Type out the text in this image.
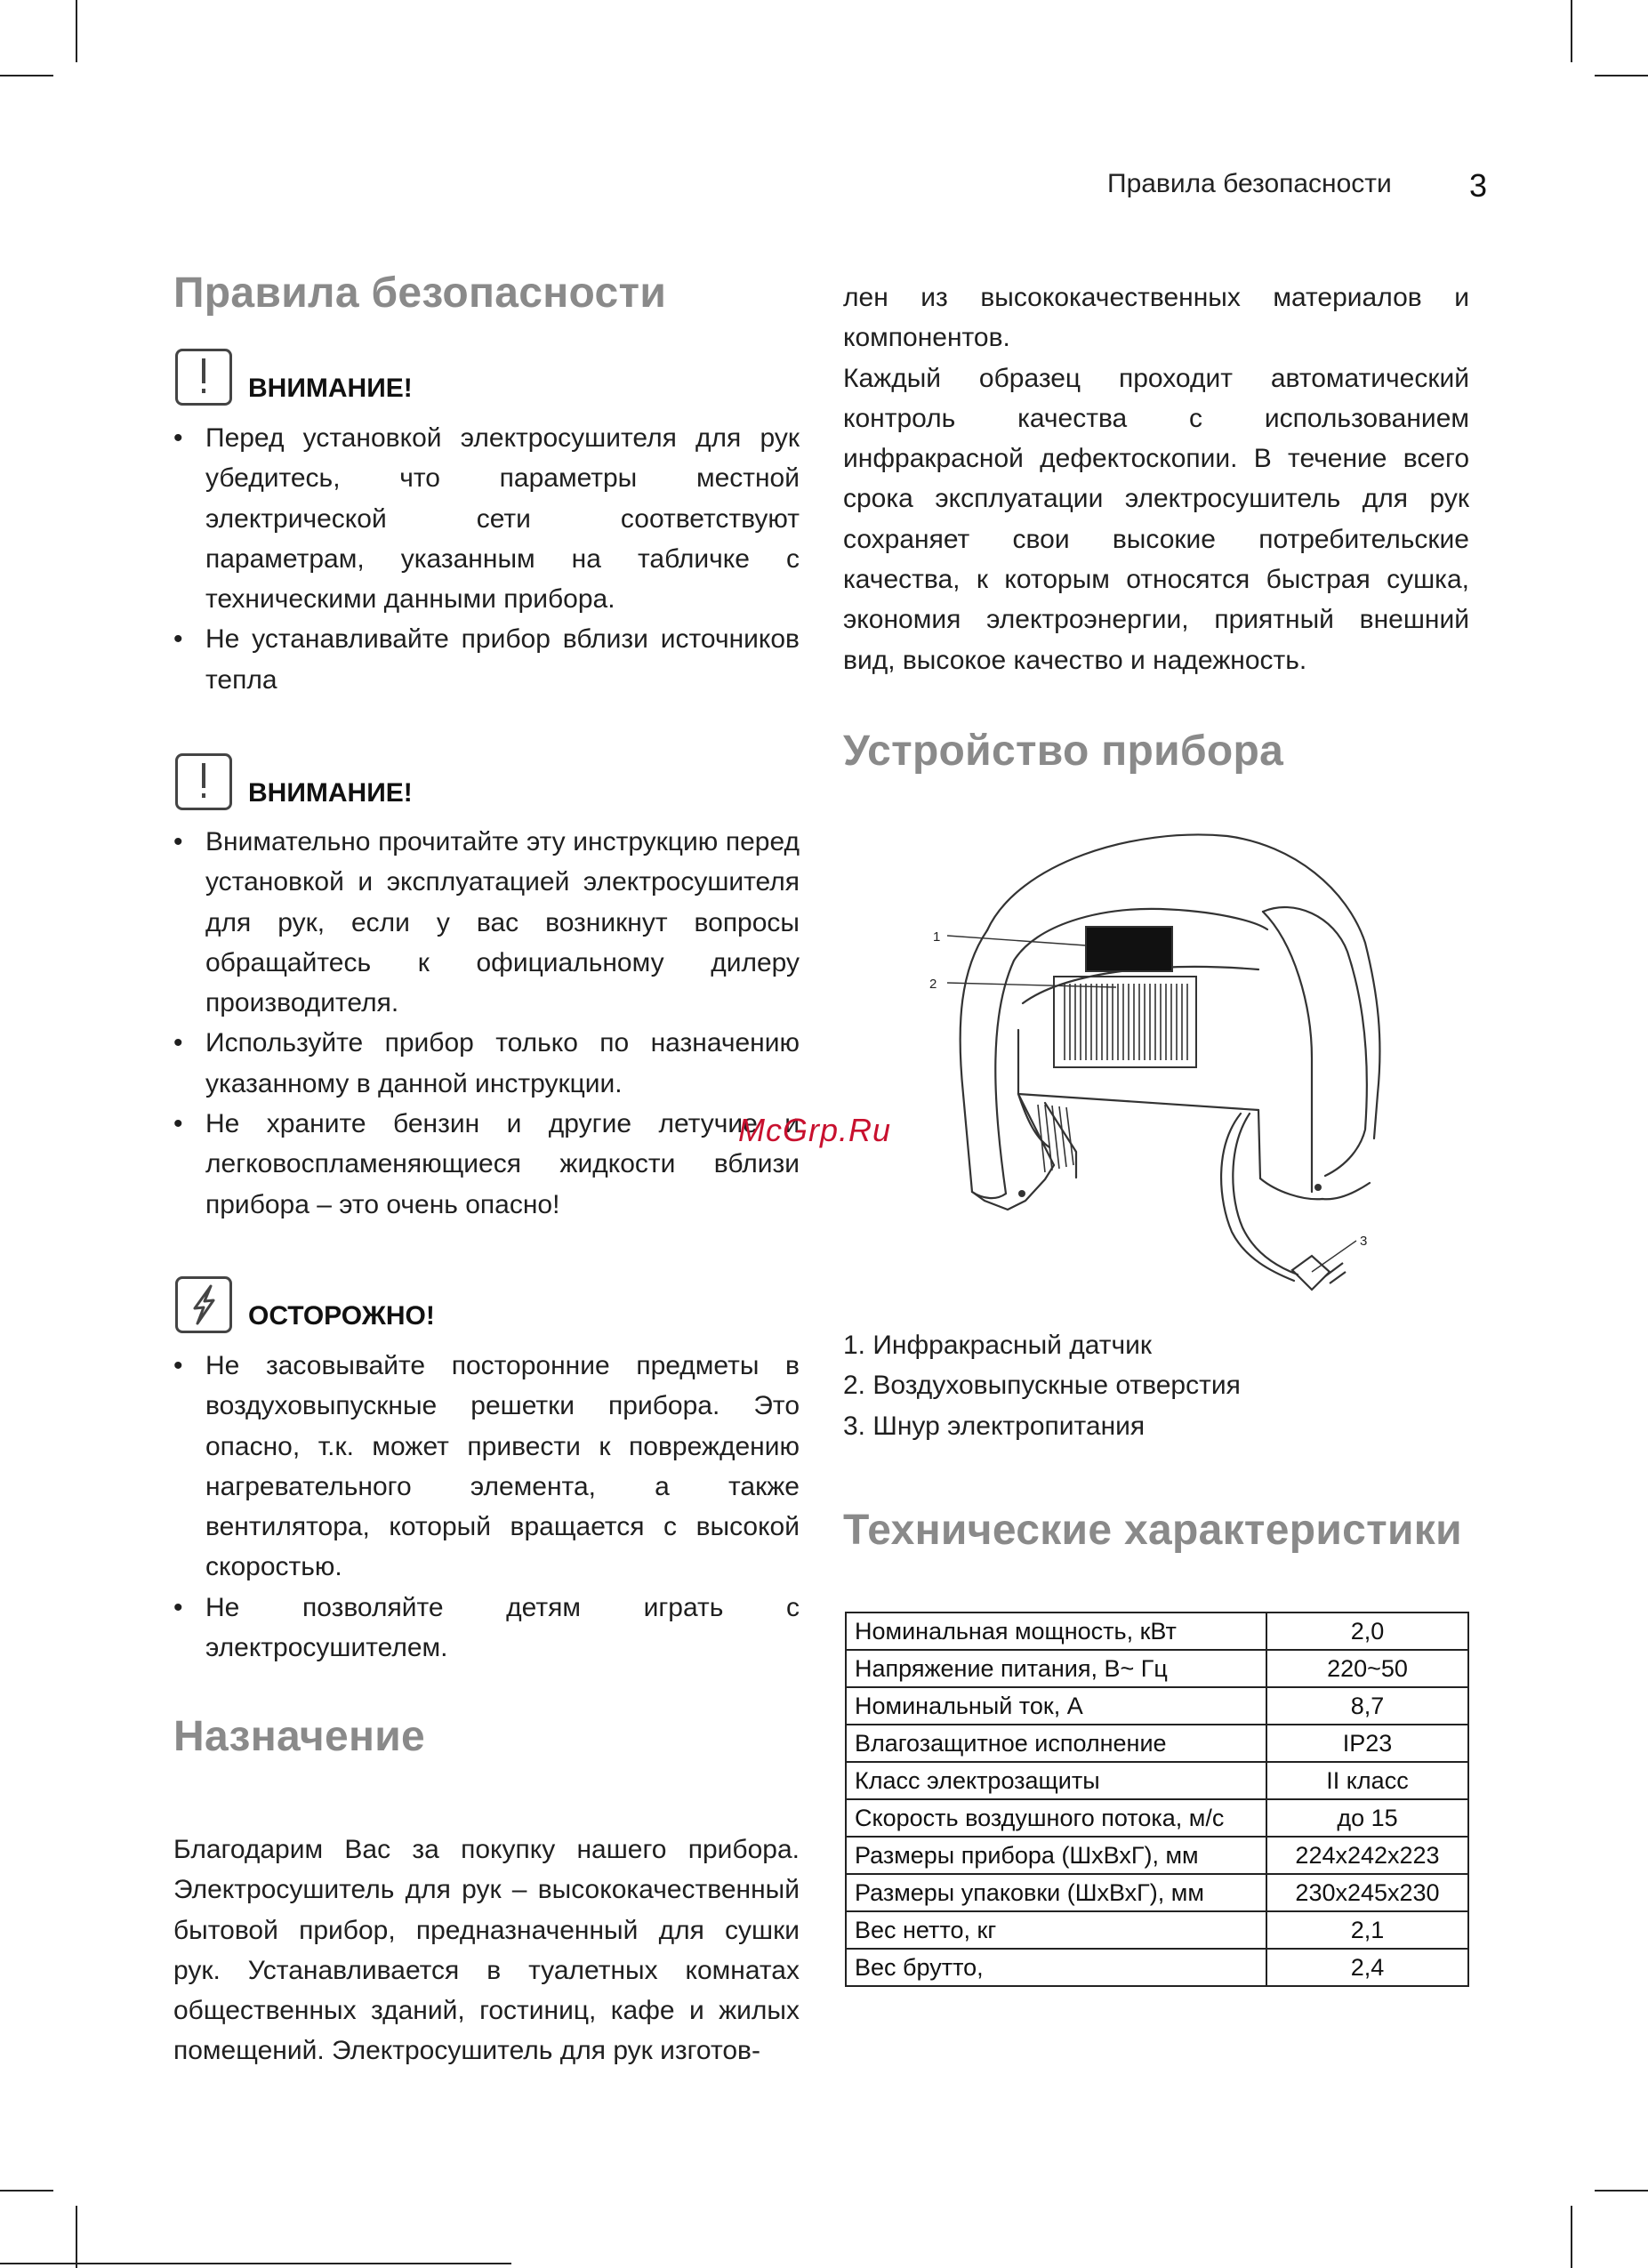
Правила безопасности 3
Правила безопасности
ВНИМАНИЕ!
• Перед установкой электросушителя для рук убедитесь, что параметры местной электрической сети соответствуют параметрам, указанным на табличке с техническими данными прибора.
• Не устанавливайте прибор вблизи источников тепла
ВНИМАНИЕ!
• Внимательно прочитайте эту инструкцию перед установкой и эксплуатацией электросушителя для рук, если у вас возникнут вопросы обращайтесь к официальному дилеру производителя.
• Используйте прибор только по назначению указанному в данной инструкции.
• Не храните бензин и другие летучие и легковоспламеняющиеся жидкости вблизи прибора – это очень опасно!
ОСТОРОЖНО!
• Не засовывайте посторонние предметы в воздуховыпускные решетки прибора. Это опасно, т.к. может привести к повреждению нагревательного элемента, а также вентилятора, который вращается с высокой скоростью.
• Не позволяйте детям играть с электросушителем.
Назначение

Благодарим Вас за покупку нашего прибора. Электросушитель для рук – высококачественный бытовой прибор, предназначенный для сушки рук. Устанавливается в туалетных комнатах общественных зданий, гостиниц, кафе и жилых помещений. Электросушитель для рук изготов-

лен из высококачественных материалов и компонентов.

Каждый образец проходит автоматический контроль качества с использованием инфракрасной дефектоскопии. В течение всего срока эксплуатации электросушитель для рук сохраняет свои высокие потребительские качества, к которым относятся быстрая сушка, экономия электроэнергии, приятный внешний вид, высокое качество и надежность.

Устройство прибора
1
2
3
1. Инфракрасный датчик
2. Воздуховыпускные отверстия
3. Шнур электропитания
Технические характеристики
Номинальная мощность, кВт	2,0
Напряжение питания, В~ Гц	220~50
Номинальный ток, А	8,7
Влагозащитное исполнение	IP23
Класс электрозащиты	II класс
Скорость воздушного потока, м/с	до 15
Размеры прибора (ШхВхГ), мм	224x242x223
Размеры упаковки (ШхВхГ), мм	230x245x230
Вес нетто, кг	2,1
Вес брутто,	2,4
McGrp.Ru
